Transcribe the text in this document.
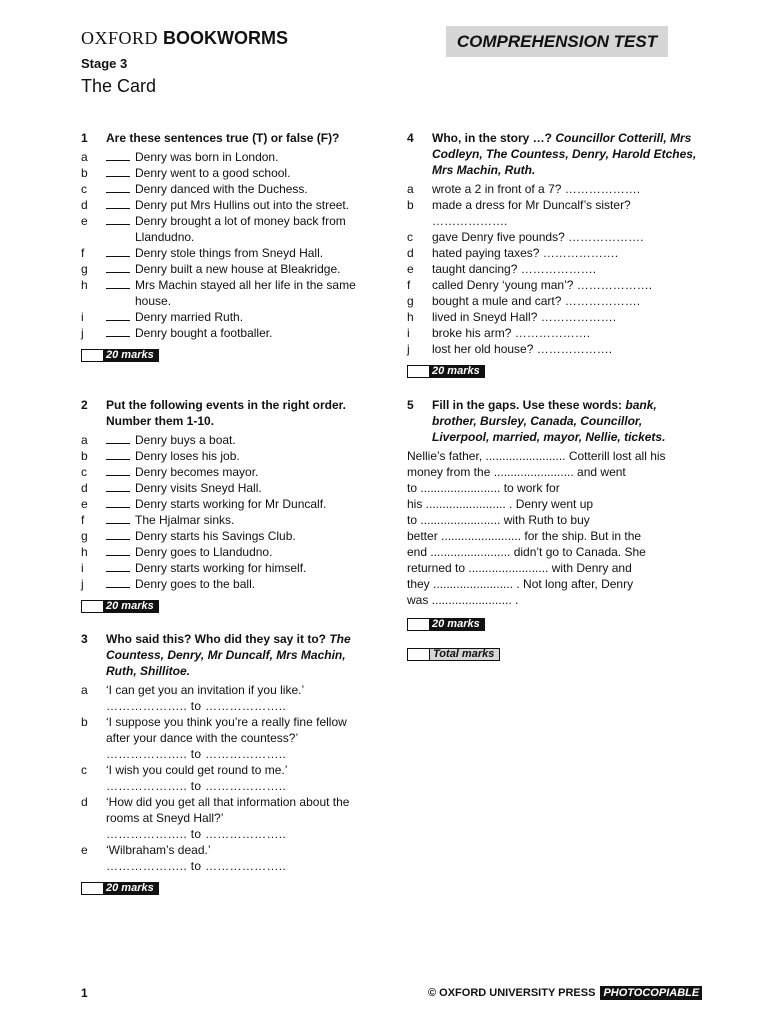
OXFORD BOOKWORMS	COMPREHENSION TEST
Stage 3
The Card
1 Are these sentences true (T) or false (F)?
a	Denry was born in London.
b	Denry went to a good school.
c	Denry danced with the Duchess.
d	Denry put Mrs Hullins out into the street.
e	Denry brought a lot of money back from Llandudno.
f	Denry stole things from Sneyd Hall.
g	Denry built a new house at Bleakridge.
h	Mrs Machin stayed all her life in the same house.
i	Denry married Ruth.
j	Denry bought a footballer.
20 marks
2 Put the following events in the right order. Number them 1-10.
a	Denry buys a boat.
b	Denry loses his job.
c	Denry becomes mayor.
d	Denry visits Sneyd Hall.
e	Denry starts working for Mr Duncalf.
f	The Hjalmar sinks.
g	Denry starts his Savings Club.
h	Denry goes to Llandudno.
i	Denry starts working for himself.
j	Denry goes to the ball.
20 marks
3 Who said this? Who did they say it to? The Countess, Denry, Mr Duncalf, Mrs Machin, Ruth, Shillitoe.
a ‘I can get you an invitation if you like.’
……………….. to ………………..
b ‘I suppose you think you’re a really fine fellow after your dance with the countess?’
……………….. to ………………..
c ‘I wish you could get round to me.’
……………….. to ………………..
d ‘How did you get all that information about the rooms at Sneyd Hall?’
……………….. to ………………..
e ‘Wilbraham’s dead.’
……………….. to ………………..
20 marks
4 Who, in the story …? Councillor Cotterill, Mrs Codleyn, The Countess, Denry, Harold Etches, Mrs Machin, Ruth.
a wrote a 2 in front of a 7? ……………….
b made a dress for Mr Duncalf’s sister? ……………….
c gave Denry five pounds? ……………….
d hated paying taxes? ……………….
e taught dancing? ……………….
f called Denry ‘young man’? ……………….
g bought a mule and cart? ……………….
h lived in Sneyd Hall? ……………….
i broke his arm? ……………….
j lost her old house? ……………….
20 marks
5 Fill in the gaps. Use these words: bank, brother, Bursley, Canada, Councillor, Liverpool, married, mayor, Nellie, tickets.
Nellie’s father, ........................ Cotterill lost all his
money from the ........................ and went
to ........................ to work for
his ........................ . Denry went up
to ........................ with Ruth to buy
better ........................ for the ship. But in the
end ........................ didn’t go to Canada. She
returned to ........................ with Denry and
they ........................ . Not long after, Denry
was ........................ .
20 marks
Total marks
1	© OXFORD UNIVERSITY PRESS PHOTOCOPIABLE
